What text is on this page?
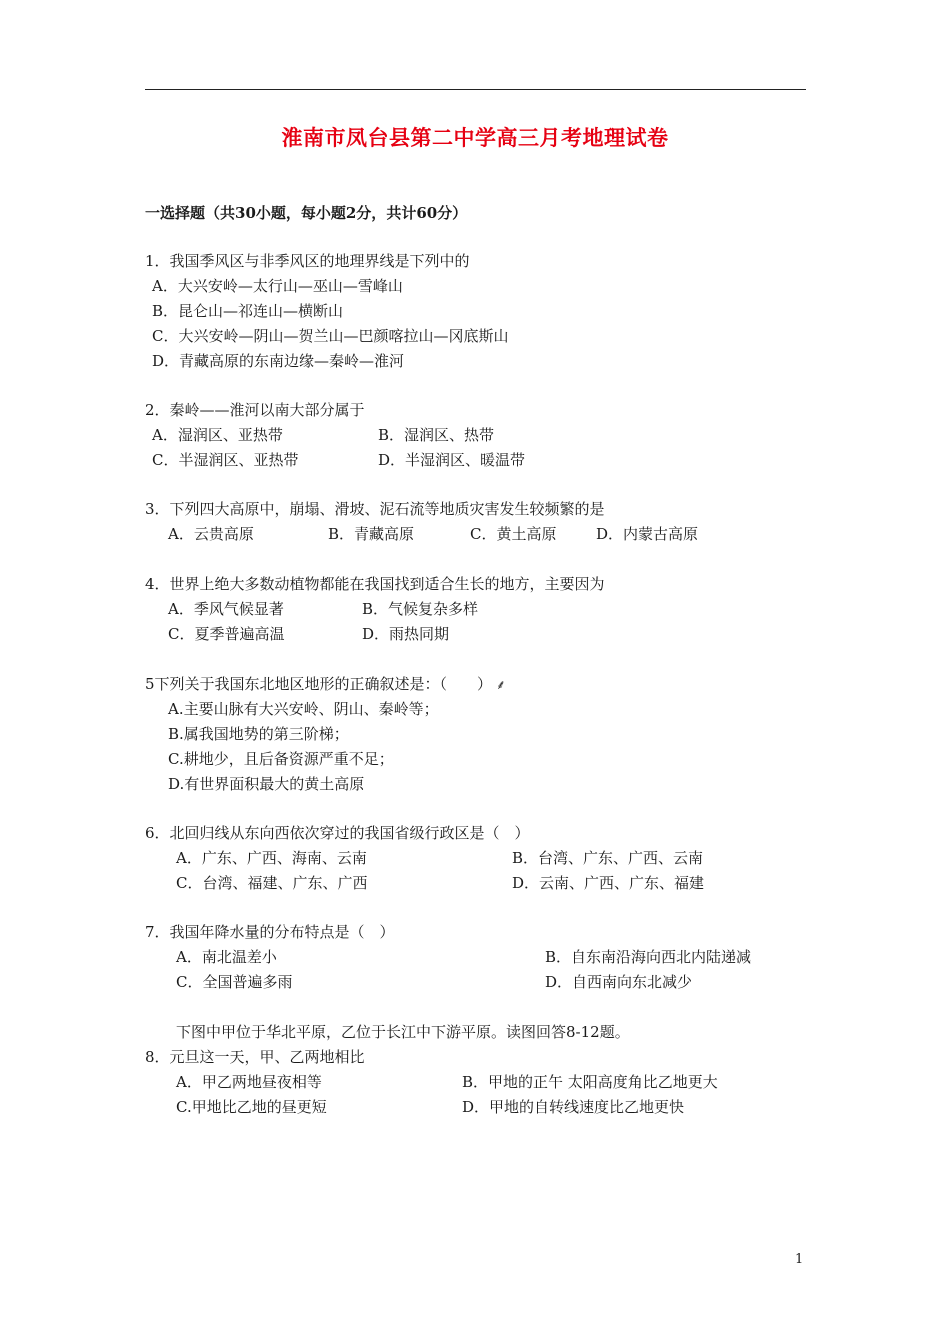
淮南市凤台县第二中学高三月考地理试卷
一选择题（共30小题，每小题2分，共计60分）
1．我国季风区与非季风区的地理界线是下列中的
A．大兴安岭—太行山—巫山—雪峰山
B．昆仑山—祁连山—横断山
C．大兴安岭—阴山—贺兰山—巴颜喀拉山—冈底斯山
D．青藏高原的东南边缘—秦岭—淮河
2．秦岭——淮河以南大部分属于
A．湿润区、亚热带	B．湿润区、热带
C．半湿润区、亚热带	D．半湿润区、暖温带
3．下列四大高原中，崩塌、滑坡、泥石流等地质灾害发生较频繁的是
A．云贵高原	B．青藏高原	C．黄土高原	D．内蒙古高原
4．世界上绝大多数动植物都能在我国找到适合生长的地方，主要因为
A．季风气候显著	B．气候复杂多样
C．夏季普遍高温	D．雨热同期
5下列关于我国东北地区地形的正确叙述是：（　　） ⸙
A.主要山脉有大兴安岭、阴山、秦岭等；
B.属我国地势的第三阶梯；
C.耕地少，且后备资源严重不足；
D.有世界面积最大的黄土高原
6．北回归线从东向西依次穿过的我国省级行政区是（　）
A．广东、广西、海南、云南	B．台湾、广东、广西、云南
C．台湾、福建、广东、广西	D．云南、广西、广东、福建
7．我国年降水量的分布特点是（　）
A．南北温差小	B．自东南沿海向西北内陆递减
C．全国普遍多雨	D．自西南向东北减少
下图中甲位于华北平原，乙位于长江中下游平原。读图回答8-12题。
8．元旦这一天，甲、乙两地相比
A．甲乙两地昼夜相等	B．甲地的正午 太阳高度角比乙地更大
C.甲地比乙地的昼更短	D．甲地的自转线速度比乙地更快
1
